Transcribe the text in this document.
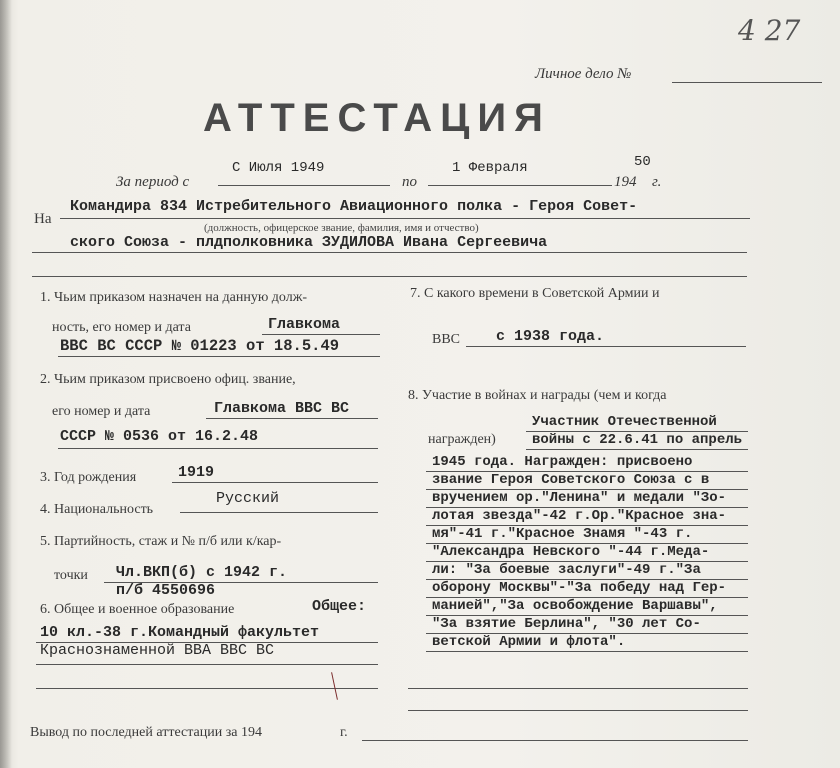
4 27
Личное дело №
АТТЕСТАЦИЯ
За период с
С Июля 1949
по
1 Февраля
194
50
г.
На
Командира 834 Истребительного Авиационного полка - Героя Совет-
(должность, офицерское звание, фамилия, имя и отчество)
ского Союза - плдполковника ЗУДИЛОВА Ивана Сергеевича
1. Чьим приказом назначен на данную долж-
ность, его номер и дата	Главкома
ВВС ВС СССР № 01223 от 18.5.49
2. Чьим приказом присвоено офиц. звание,
его номер и дата	Главкома ВВС ВС
СССР № 0536 от 16.2.48
3. Год рождения	1919
4. Национальность
Русский
5. Партийность, стаж и № п/б или к/кар-
точки Чл.ВКП(б) с 1942 г.
п/б 4550696
6. Общее и военное образование	Общее:
10 кл.-38 г.Командный факультет
Краснознаменной ВВА ВВС ВС
7. С какого времени в Советской Армии и
ВВС с 1938 года.
8. Участие в войнах и награды (чем и когда
награжден)
Участник Отечественной
войны с 22.6.41 по апрель
1945 года. Награжден: присвоено
звание Героя Советского Союза с в
вручением ор."Ленина" и медали "Зо-
лотая звезда"-42 г.Ор."Красное зна-
мя"-41 г."Красное Знамя "-43 г.
"Александра Невского "-44 г.Меда-
ли: "За боевые заслуги"-49 г."За
оборону Москвы"-"За победу над Гер-
манией","За освобождение Варшавы",
"За взятие Берлина", "30 лет Со-
ветской Армии и флота".
Вывод по последней аттестации за 194	г.
